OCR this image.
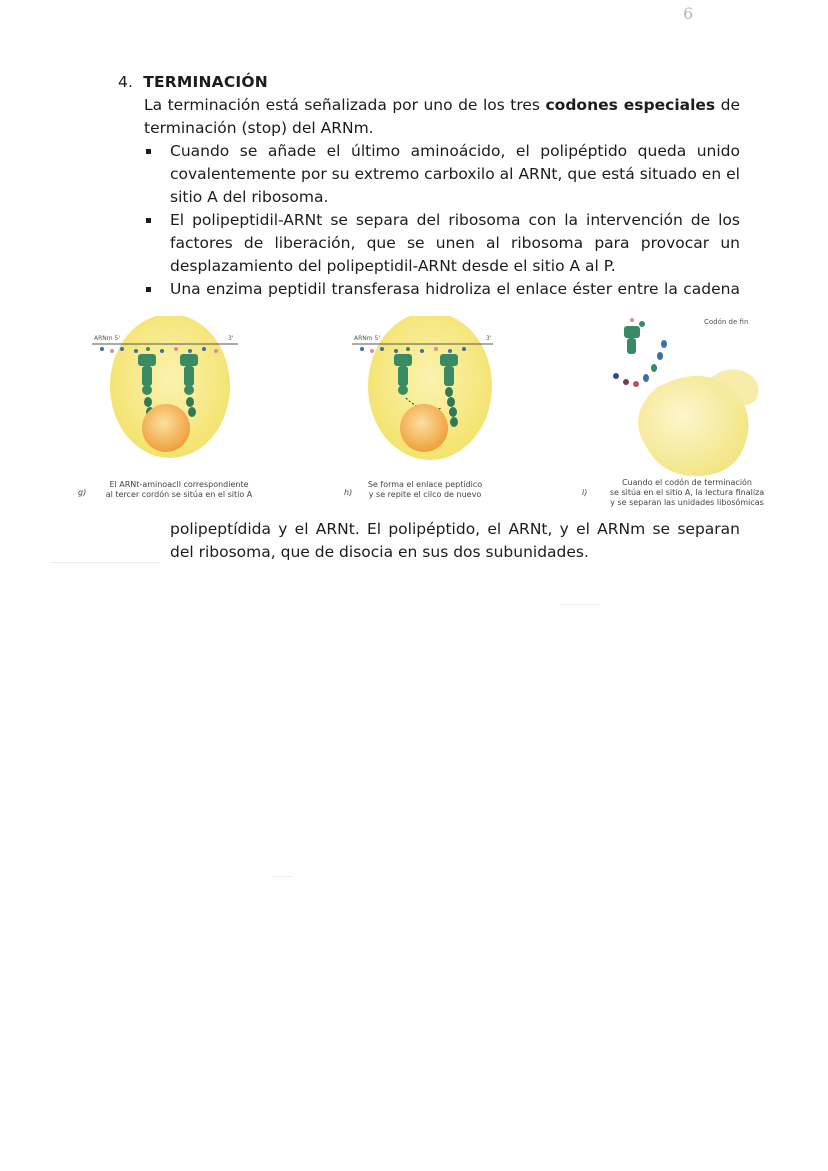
6
4. TERMINACIÓN
La terminación está señalizada por uno de los tres codones especiales de terminación (stop) del ARNm.
Cuando se añade el último aminoácido, el polipéptido queda unido covalentemente por su extremo carboxilo al ARNt, que está situado en el sitio A del ribosoma.
El polipeptidil-ARNt se separa del ribosoma con la intervención de los factores de liberación, que se unen al ribosoma para provocar un desplazamiento del polipeptidil-ARNt desde el sitio A al P.
Una enzima peptidil transferasa hidroliza el enlace éster entre la cadena
ARNm 5'	3'
g)
El ARNt-aminoacil correspondiente
al tercer cordón se sitúa en el sitio A
ARNm 5'	3'
h)
Se forma el enlace peptídico
y se repite el cilco de nuevo
Codón de fin
i)
Cuando el codón de terminación
se sitúa en el sitio A, la lectura finaliza
y se separan las unidades libosómicas
polipeptídida y el ARNt. El polipéptido, el ARNt, y el ARNm se separan del ribosoma, que de disocia en sus dos subunidades.
